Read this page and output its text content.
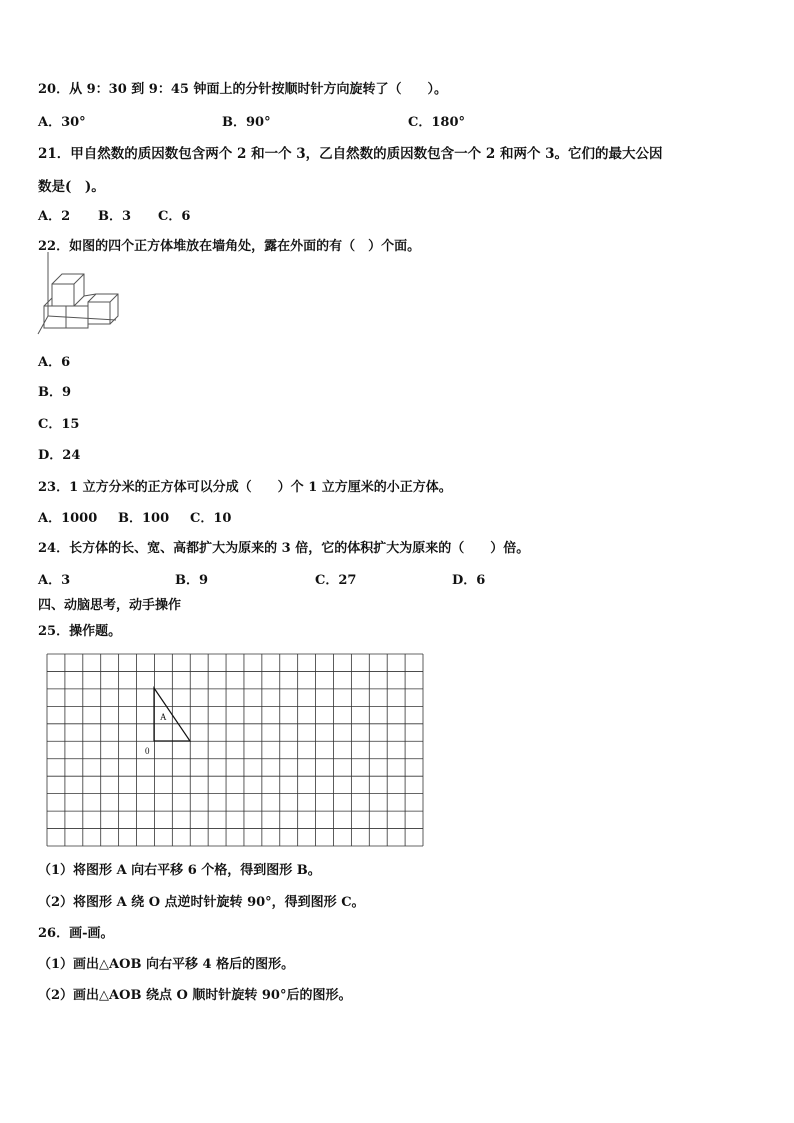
20．从 9：30 到 9：45 钟面上的分针按顺时针方向旋转了（　　）。
A．30°	B．90°	C．180°
21．甲自然数的质因数包含两个 2 和一个 3，乙自然数的质因数包含一个 2 和两个 3。它们的最大公因
数是(　)。
A．2 B．3 C．6
22．如图的四个正方体堆放在墙角处，露在外面的有（　）个面。
A．6
B．9
C．15
D．24
23．1 立方分米的正方体可以分成（　　）个 1 立方厘米的小正方体。
A．1000 B．100 C．10
24．长方体的长、宽、高都扩大为原来的 3 倍，它的体积扩大为原来的（　　）倍。
A．3	B．9	C．27	D．6
四、动脑思考，动手操作
25．操作题。
A
0
（1）将图形 A 向右平移 6 个格，得到图形 B。
（2）将图形 A 绕 O 点逆时针旋转 90°，得到图形 C。
26．画-画。
（1）画出△AOB 向右平移 4 格后的图形。
（2）画出△AOB 绕点 O 顺时针旋转 90°后的图形。
